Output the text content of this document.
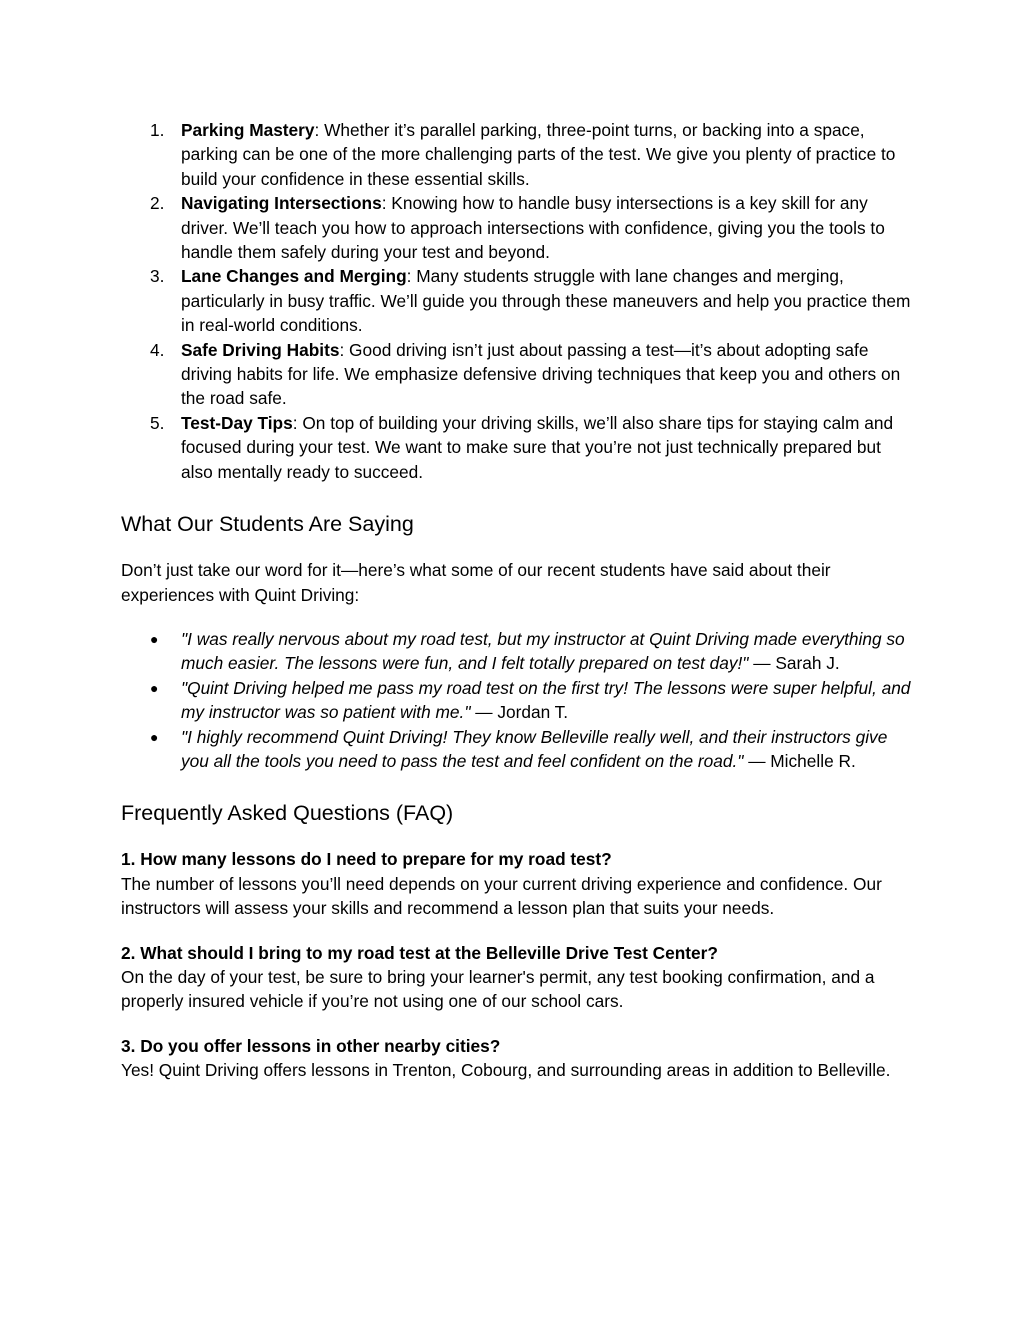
1. Parking Mastery: Whether it’s parallel parking, three-point turns, or backing into a space, parking can be one of the more challenging parts of the test. We give you plenty of practice to build your confidence in these essential skills.
2. Navigating Intersections: Knowing how to handle busy intersections is a key skill for any driver. We’ll teach you how to approach intersections with confidence, giving you the tools to handle them safely during your test and beyond.
3. Lane Changes and Merging: Many students struggle with lane changes and merging, particularly in busy traffic. We’ll guide you through these maneuvers and help you practice them in real-world conditions.
4. Safe Driving Habits: Good driving isn’t just about passing a test—it’s about adopting safe driving habits for life. We emphasize defensive driving techniques that keep you and others on the road safe.
5. Test-Day Tips: On top of building your driving skills, we’ll also share tips for staying calm and focused during your test. We want to make sure that you’re not just technically prepared but also mentally ready to succeed.
What Our Students Are Saying

Don’t just take our word for it—here’s what some of our recent students have said about their experiences with Quint Driving:

● "I was really nervous about my road test, but my instructor at Quint Driving made everything so much easier. The lessons were fun, and I felt totally prepared on test day!" — Sarah J.
● "Quint Driving helped me pass my road test on the first try! The lessons were super helpful, and my instructor was so patient with me." — Jordan T.
● "I highly recommend Quint Driving! They know Belleville really well, and their instructors give you all the tools you need to pass the test and feel confident on the road." — Michelle R.
Frequently Asked Questions (FAQ)
1. How many lessons do I need to prepare for my road test?
The number of lessons you’ll need depends on your current driving experience and confidence. Our instructors will assess your skills and recommend a lesson plan that suits your needs.
2. What should I bring to my road test at the Belleville Drive Test Center?
On the day of your test, be sure to bring your learner's permit, any test booking confirmation, and a properly insured vehicle if you’re not using one of our school cars.
3. Do you offer lessons in other nearby cities?
Yes! Quint Driving offers lessons in Trenton, Cobourg, and surrounding areas in addition to Belleville.
